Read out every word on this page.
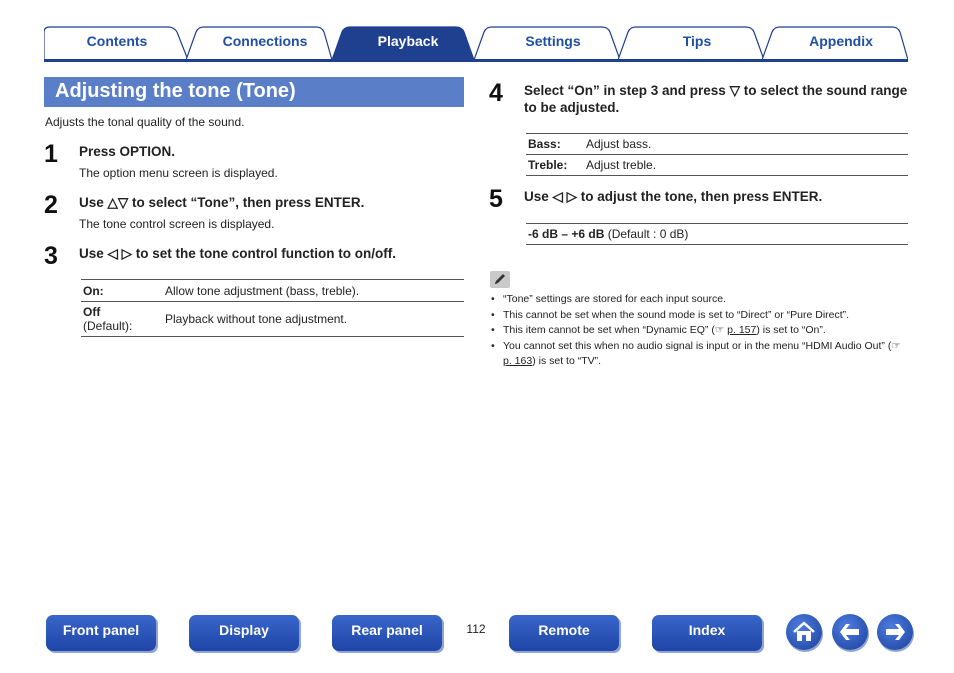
Contents	Connections	Playback	Settings	Tips	Appendix
Adjusting the tone (Tone)
Adjusts the tonal quality of the sound.
1 Press OPTION.
The option menu screen is displayed.
2 Use △▽ to select “Tone”, then press ENTER.
The tone control screen is displayed.
3 Use ◁ ▷ to set the tone control function to on/off.
On:	Allow tone adjustment (bass, treble).

Off
(Default):	Playback without tone adjustment.
4 Select “On” in step 3 and press ▽ to select the sound range to be adjusted.
Bass:	Adjust bass.
Treble:	Adjust treble.
5 Use ◁ ▷ to adjust the tone, then press ENTER.
-6 dB – +6 dB (Default : 0 dB)
• “Tone” settings are stored for each input source.
• This cannot be set when the sound mode is set to “Direct” or “Pure Direct”.
• This item cannot be set when “Dynamic EQ” (☞ p. 157) is set to “On”.
• You cannot set this when no audio signal is input or in the menu “HDMI Audio Out” (☞ p. 163) is set to “TV”.
Front panel	Display	Rear panel	112	Remote	Index
